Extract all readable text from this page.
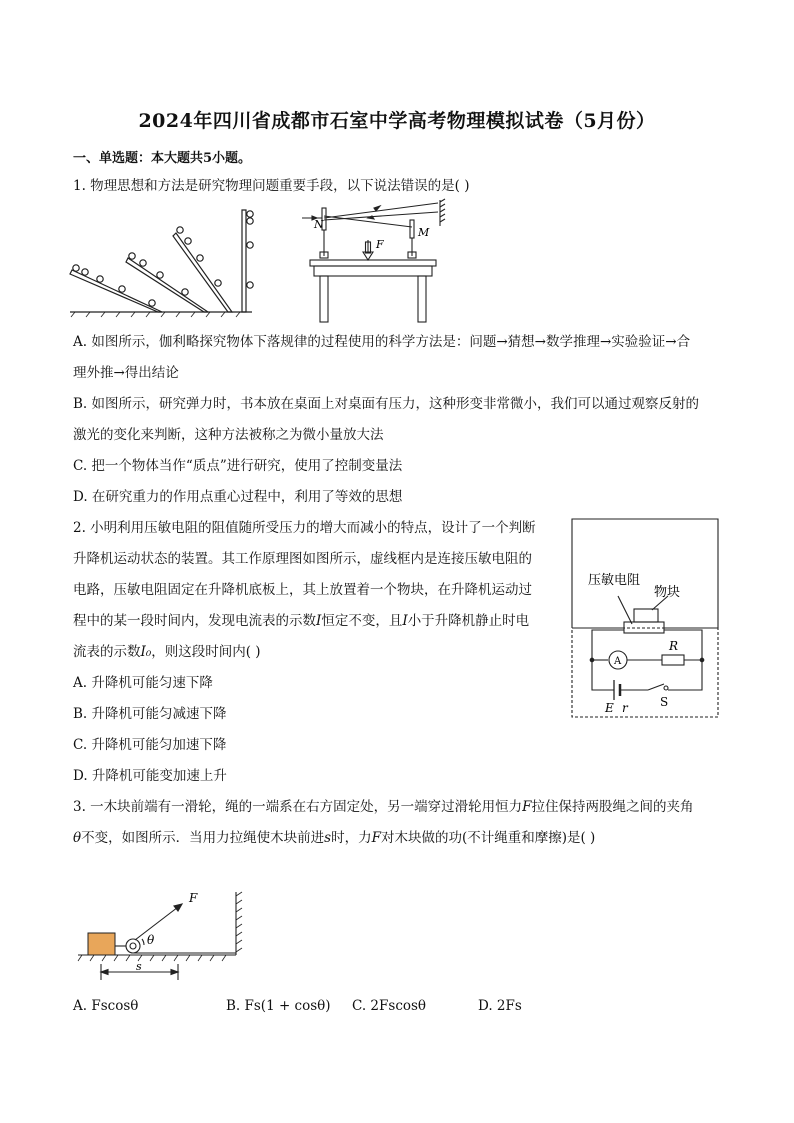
2024年四川省成都市石室中学高考物理模拟试卷（5月份）
一、单选题：本大题共5小题。
1. 物理思想和方法是研究物理问题重要手段，以下说法错误的是( )
N
M
F
A. 如图所示，伽利略探究物体下落规律的过程使用的科学方法是：问题→猜想→数学推理→实验验证→合
理外推→得出结论
B. 如图所示，研究弹力时，书本放在桌面上对桌面有压力，这种形变非常微小，我们可以通过观察反射的
激光的变化来判断，这种方法被称之为微小量放大法
C. 把一个物体当作“质点”进行研究，使用了控制变量法
D. 在研究重力的作用点重心过程中，利用了等效的思想
2. 小明利用压敏电阻的阻值随所受压力的增大而减小的特点，设计了一个判断
升降机运动状态的装置。其工作原理图如图所示，虚线框内是连接压敏电阻的
电路，压敏电阻固定在升降机底板上，其上放置着一个物块，在升降机运动过
程中的某一段时间内，发现电流表的示数I恒定不变，且I小于升降机静止时电
流表的示数I₀，则这段时间内( )
压敏电阻
物块
A
R
E r	S
A. 升降机可能匀速下降
B. 升降机可能匀减速下降
C. 升降机可能匀加速下降
D. 升降机可能变加速上升
3. 一木块前端有一滑轮，绳的一端系在右方固定处，另一端穿过滑轮用恒力F拉住保持两股绳之间的夹角
θ不变，如图所示．当用力拉绳使木块前进s时，力F对木块做的功(不计绳重和摩擦)是( )
F
θ
s
A. Fscosθ	B. Fs(1 + cosθ) C. 2Fscosθ	D. 2Fs
